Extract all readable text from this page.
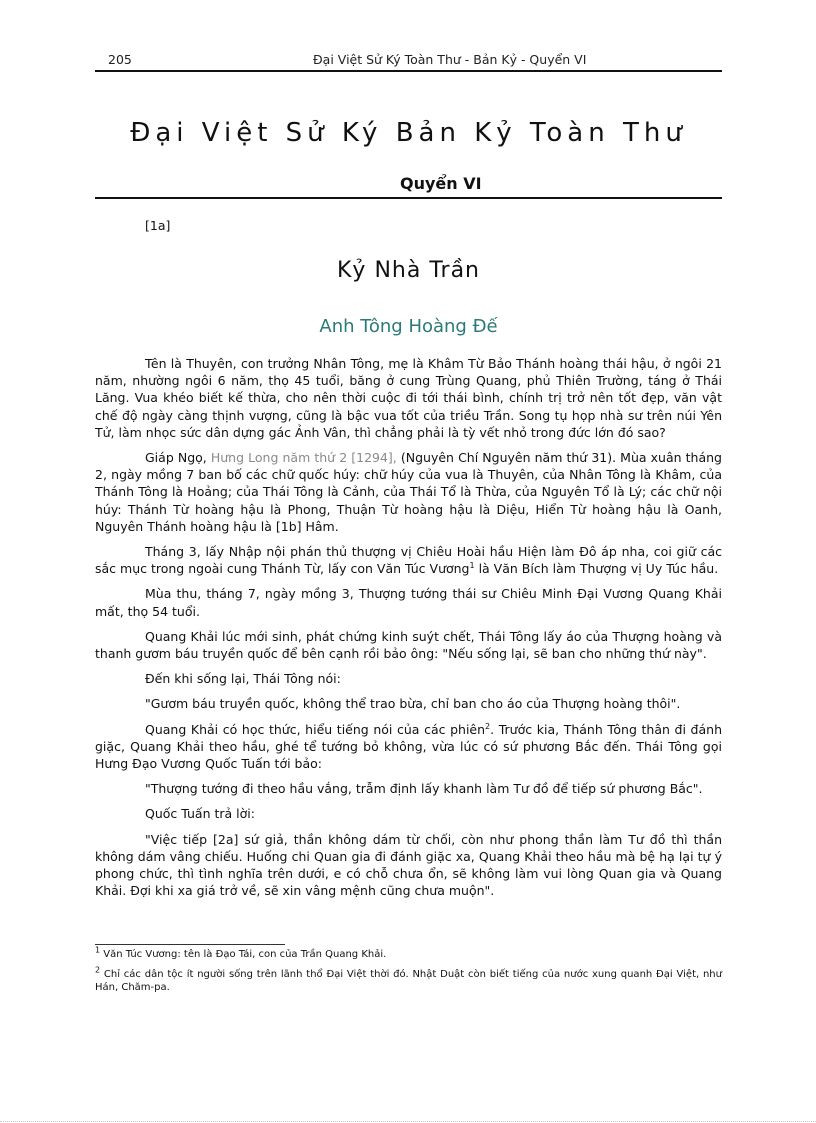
205	Đại Việt Sử Ký Toàn Thư - Bản Kỷ - Quyển VI
Đại Việt Sử Ký Bản Kỷ Toàn Thư
Quyển VI
[1a]
Kỷ Nhà Trần
Anh Tông Hoàng Đế

Tên là Thuyên, con trưởng Nhân Tông, mẹ là Khâm Từ Bảo Thánh hoàng thái hậu, ở ngôi 21 năm, nhường ngôi 6 năm, thọ 45 tuổi, băng ở cung Trùng Quang, phủ Thiên Trường, táng ở Thái Lăng. Vua khéo biết kế thừa, cho nên thời cuộc đi tới thái bình, chính trị trở nên tốt đẹp, văn vật chế độ ngày càng thịnh vượng, cũng là bậc vua tốt của triều Trần. Song tụ họp nhà sư trên núi Yên Tử, làm nhọc sức dân dựng gác Ảnh Vân, thì chẳng phải là tỳ vết nhỏ trong đức lớn đó sao?

Giáp Ngọ, Hưng Long năm thứ 2 [1294], (Nguyên Chí Nguyên năm thứ 31). Mùa xuân tháng 2, ngày mồng 7 ban bố các chữ quốc húy: chữ húy của vua là Thuyên, của Nhân Tông là Khâm, của Thánh Tông là Hoảng; của Thái Tông là Cảnh, của Thái Tổ là Thừa, của Nguyên Tổ là Lý; các chữ nội húy: Thánh Từ hoàng hậu là Phong, Thuận Từ hoàng hậu là Diệu, Hiển Từ hoàng hậu là Oanh, Nguyên Thánh hoàng hậu là [1b] Hâm.

Tháng 3, lấy Nhập nội phán thủ thượng vị Chiêu Hoài hầu Hiện làm Đô áp nha, coi giữ các sắc mục trong ngoài cung Thánh Từ, lấy con Văn Túc Vương$^1$ là Văn Bích làm Thượng vị Uy Túc hầu.

Mùa thu, tháng 7, ngày mồng 3, Thượng tướng thái sư Chiêu Minh Đại Vương Quang Khải mất, thọ 54 tuổi.

Quang Khải lúc mới sinh, phát chứng kinh suýt chết, Thái Tông lấy áo của Thượng hoàng và thanh gươm báu truyền quốc để bên cạnh rồi bảo ông: "Nếu sống lại, sẽ ban cho những thứ này".

Đến khi sống lại, Thái Tông nói:

"Gươm báu truyền quốc, không thể trao bừa, chỉ ban cho áo của Thượng hoàng thôi".

Quang Khải có học thức, hiểu tiếng nói của các phiên$^2$. Trước kia, Thánh Tông thân đi đánh giặc, Quang Khải theo hầu, ghé tể tướng bỏ không, vừa lúc có sứ phương Bắc đến. Thái Tông gọi Hưng Đạo Vương Quốc Tuấn tới bảo:

"Thượng tướng đi theo hầu vắng, trẫm định lấy khanh làm Tư đồ để tiếp sứ phương Bắc".

Quốc Tuấn trả lời:

"Việc tiếp [2a] sứ giả, thần không dám từ chối, còn như phong thần làm Tư đồ thì thần không dám vâng chiếu. Huống chi Quan gia đi đánh giặc xa, Quang Khải theo hầu mà bệ hạ lại tự ý phong chức, thì tình nghĩa trên dưới, e có chỗ chưa ổn, sẽ không làm vui lòng Quan gia và Quang Khải. Đợi khi xa giá trở về, sẽ xin vâng mệnh cũng chưa muộn".

$^1$ Văn Túc Vương: tên là Đạo Tái, con của Trần Quang Khải.

$^2$ Chỉ các dân tộc ít người sống trên lãnh thổ Đại Việt thời đó. Nhật Duật còn biết tiếng của nước xung quanh Đại Việt, như Hán, Chăm-pa.
